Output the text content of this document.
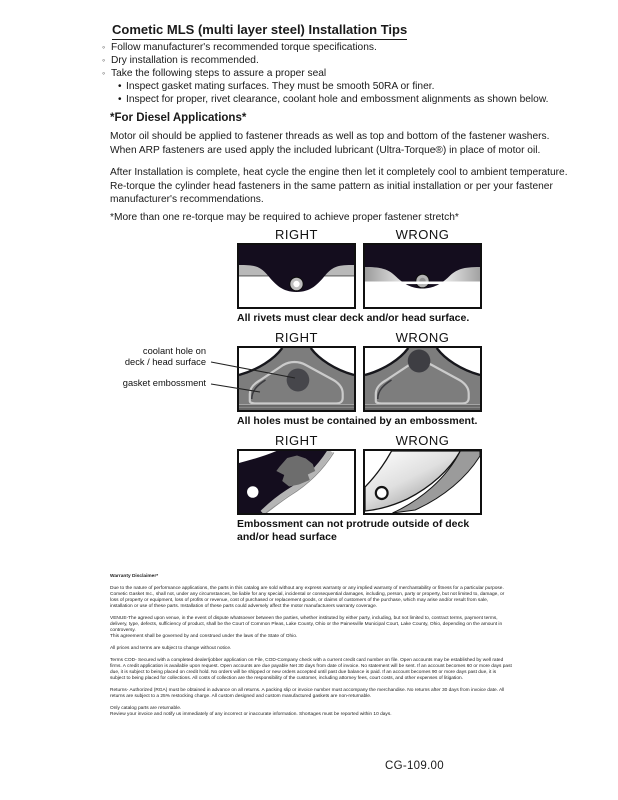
Cometic MLS (multi layer steel) Installation Tips
◦ Follow manufacturer's recommended torque specifications.
◦ Dry installation is recommended.
◦ Take the following steps to assure a proper seal
• Inspect gasket mating surfaces. They must be smooth 50RA or finer.
• Inspect for proper, rivet clearance, coolant hole and embossment alignments as shown below.
*For Diesel Applications*
Motor oil should be applied to fastener threads as well as top and bottom of the fastener washers. When ARP fasteners are used apply the included lubricant (Ultra-Torque®) in place of motor oil.
After Installation is complete, heat cycle the engine then let it completely cool to ambient temperature. Re-torque the cylinder head fasteners in the same pattern as initial installation or per your fastener manufacturer's recommendations.
*More than one re-torque may be required to achieve proper fastener stretch*
RIGHT	WRONG
All rivets must clear deck and/or head surface.
RIGHT	WRONG
All holes must be contained by an embossment.
RIGHT	WRONG
Embossment can not protrude outside of deck
and/or head surface
coolant hole on
deck / head surface
gasket embossment
Warranty Disclaimer*

Due to the nature of performance applications, the parts in this catalog are sold without any express warranty or any implied warranty of merchantability or fitness for a particular purpose. Cometic Gasket Inc., shall not, under any circumstances, be liable for any special, incidental or consequential damages, including, person, party or property, but not limited to, damage, or loss of property or equipment, loss of profits or revenue, cost of purchased or replacement goods, or claims of customers of the purchase, which may arise and/or result from sale, installation or use of these parts. Installation of these parts could adversely affect the motor manufacturers warranty coverage.

VENUE-The agreed upon venue, in the event of dispute whatsoever between the parties, whether instituted by either party, including, but not limited to, contract terms, payment terms, delivery, type, defects, sufficiency of product, shall be the Court of Common Pleas, Lake County, Ohio or the Painesville Municipal Court, Lake County, Ohio, depending on the amount in controversy.

This agreement shall be governed by and construed under the laws of the State of Ohio.

All prices and terms are subject to change without notice.

Terms COD- Secured with a completed dealer/jobber application on File, COD-Company check with a current credit card number on file. Open accounts may be established by well rated firms. A credit application is available upon request. Open accounts are due payable Net 30 days from date of invoice. No statement will be sent. If an account becomes 60 or more days past due, it is subject to being placed on credit hold. No orders will be shipped or new orders accepted until past due balance is paid. If an account becomes 90 or more days past due, it is subject to being placed for collections. All costs of collection are the responsibility of the customer, including attorney fees, court costs, and other expenses of litigation.

Returns- Authorized (RGA) must be obtained in advance on all returns. A packing slip or invoice number must accompany the merchandise. No returns after 30 days from invoice date. All returns are subject to a 25% restocking charge. All custom designed and custom manufactured gaskets are non-returnable.

Only catalog parts are returnable.

Review your invoice and notify us immediately of any incorrect or inaccurate information. Shortages must be reported within 10 days.

CG-109.00
